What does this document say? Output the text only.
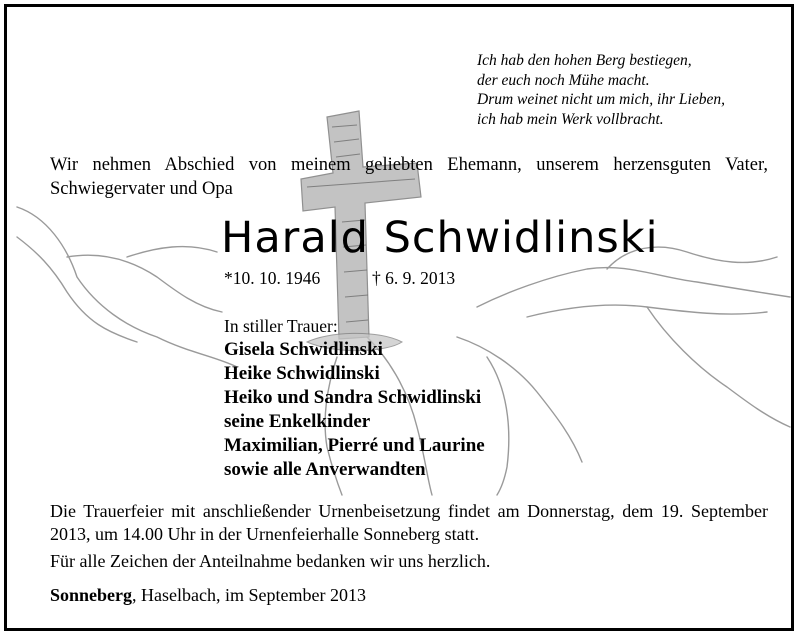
Ich hab den hohen Berg bestiegen,
der euch noch Mühe macht.
Drum weinet nicht um mich, ihr Lieben,
ich hab mein Werk vollbracht.
Wir nehmen Abschied von meinem geliebten Ehemann, unserem herzensguten Vater, Schwiegervater und Opa
Harald Schwidlinski
*10. 10. 1946	† 6. 9. 2013
In stiller Trauer:
Gisela Schwidlinski
Heike Schwidlinski
Heiko und Sandra Schwidlinski
seine Enkelkinder
Maximilian, Pierré und Laurine
sowie alle Anverwandten
Die Trauerfeier mit anschließender Urnenbeisetzung findet am Donnerstag, dem 19. September 2013, um 14.00 Uhr in der Urnenfeierhalle Sonneberg statt.
Für alle Zeichen der Anteilnahme bedanken wir uns herzlich.
Sonneberg, Haselbach, im September 2013
